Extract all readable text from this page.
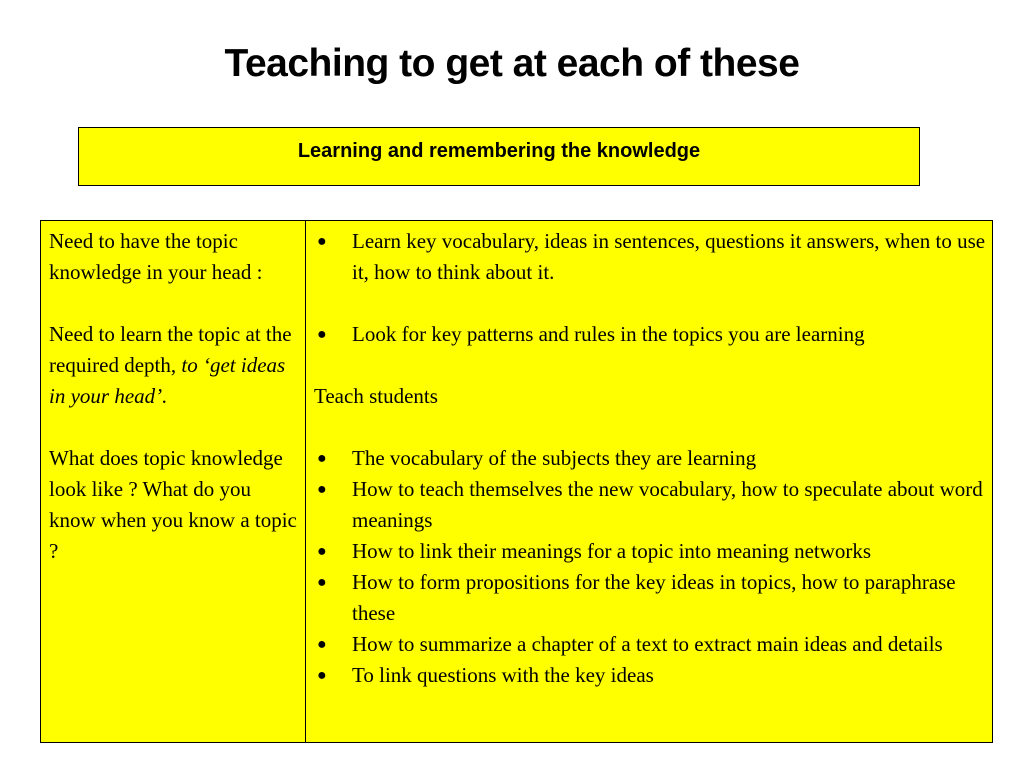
Teaching to get at each of these
Learning and remembering the knowledge

Need to have the topic knowledge in your head :

Need to learn the topic at the required depth, to ‘get ideas in your head’.

What does topic knowledge look like ? What do you know when you know a topic ?

● Learn key vocabulary, ideas in sentences, questions it answers, when to use it, how to think about it.
● Look for key patterns and rules in the topics you are learning

Teach students

● The vocabulary of the subjects they are learning
● How to teach themselves the new vocabulary, how to speculate about word meanings
● How to link their meanings for a topic into meaning networks
● How to form propositions for the key ideas in topics, how to paraphrase these
● How to summarize a chapter of a text to extract main ideas and details
● To link questions with the key ideas
